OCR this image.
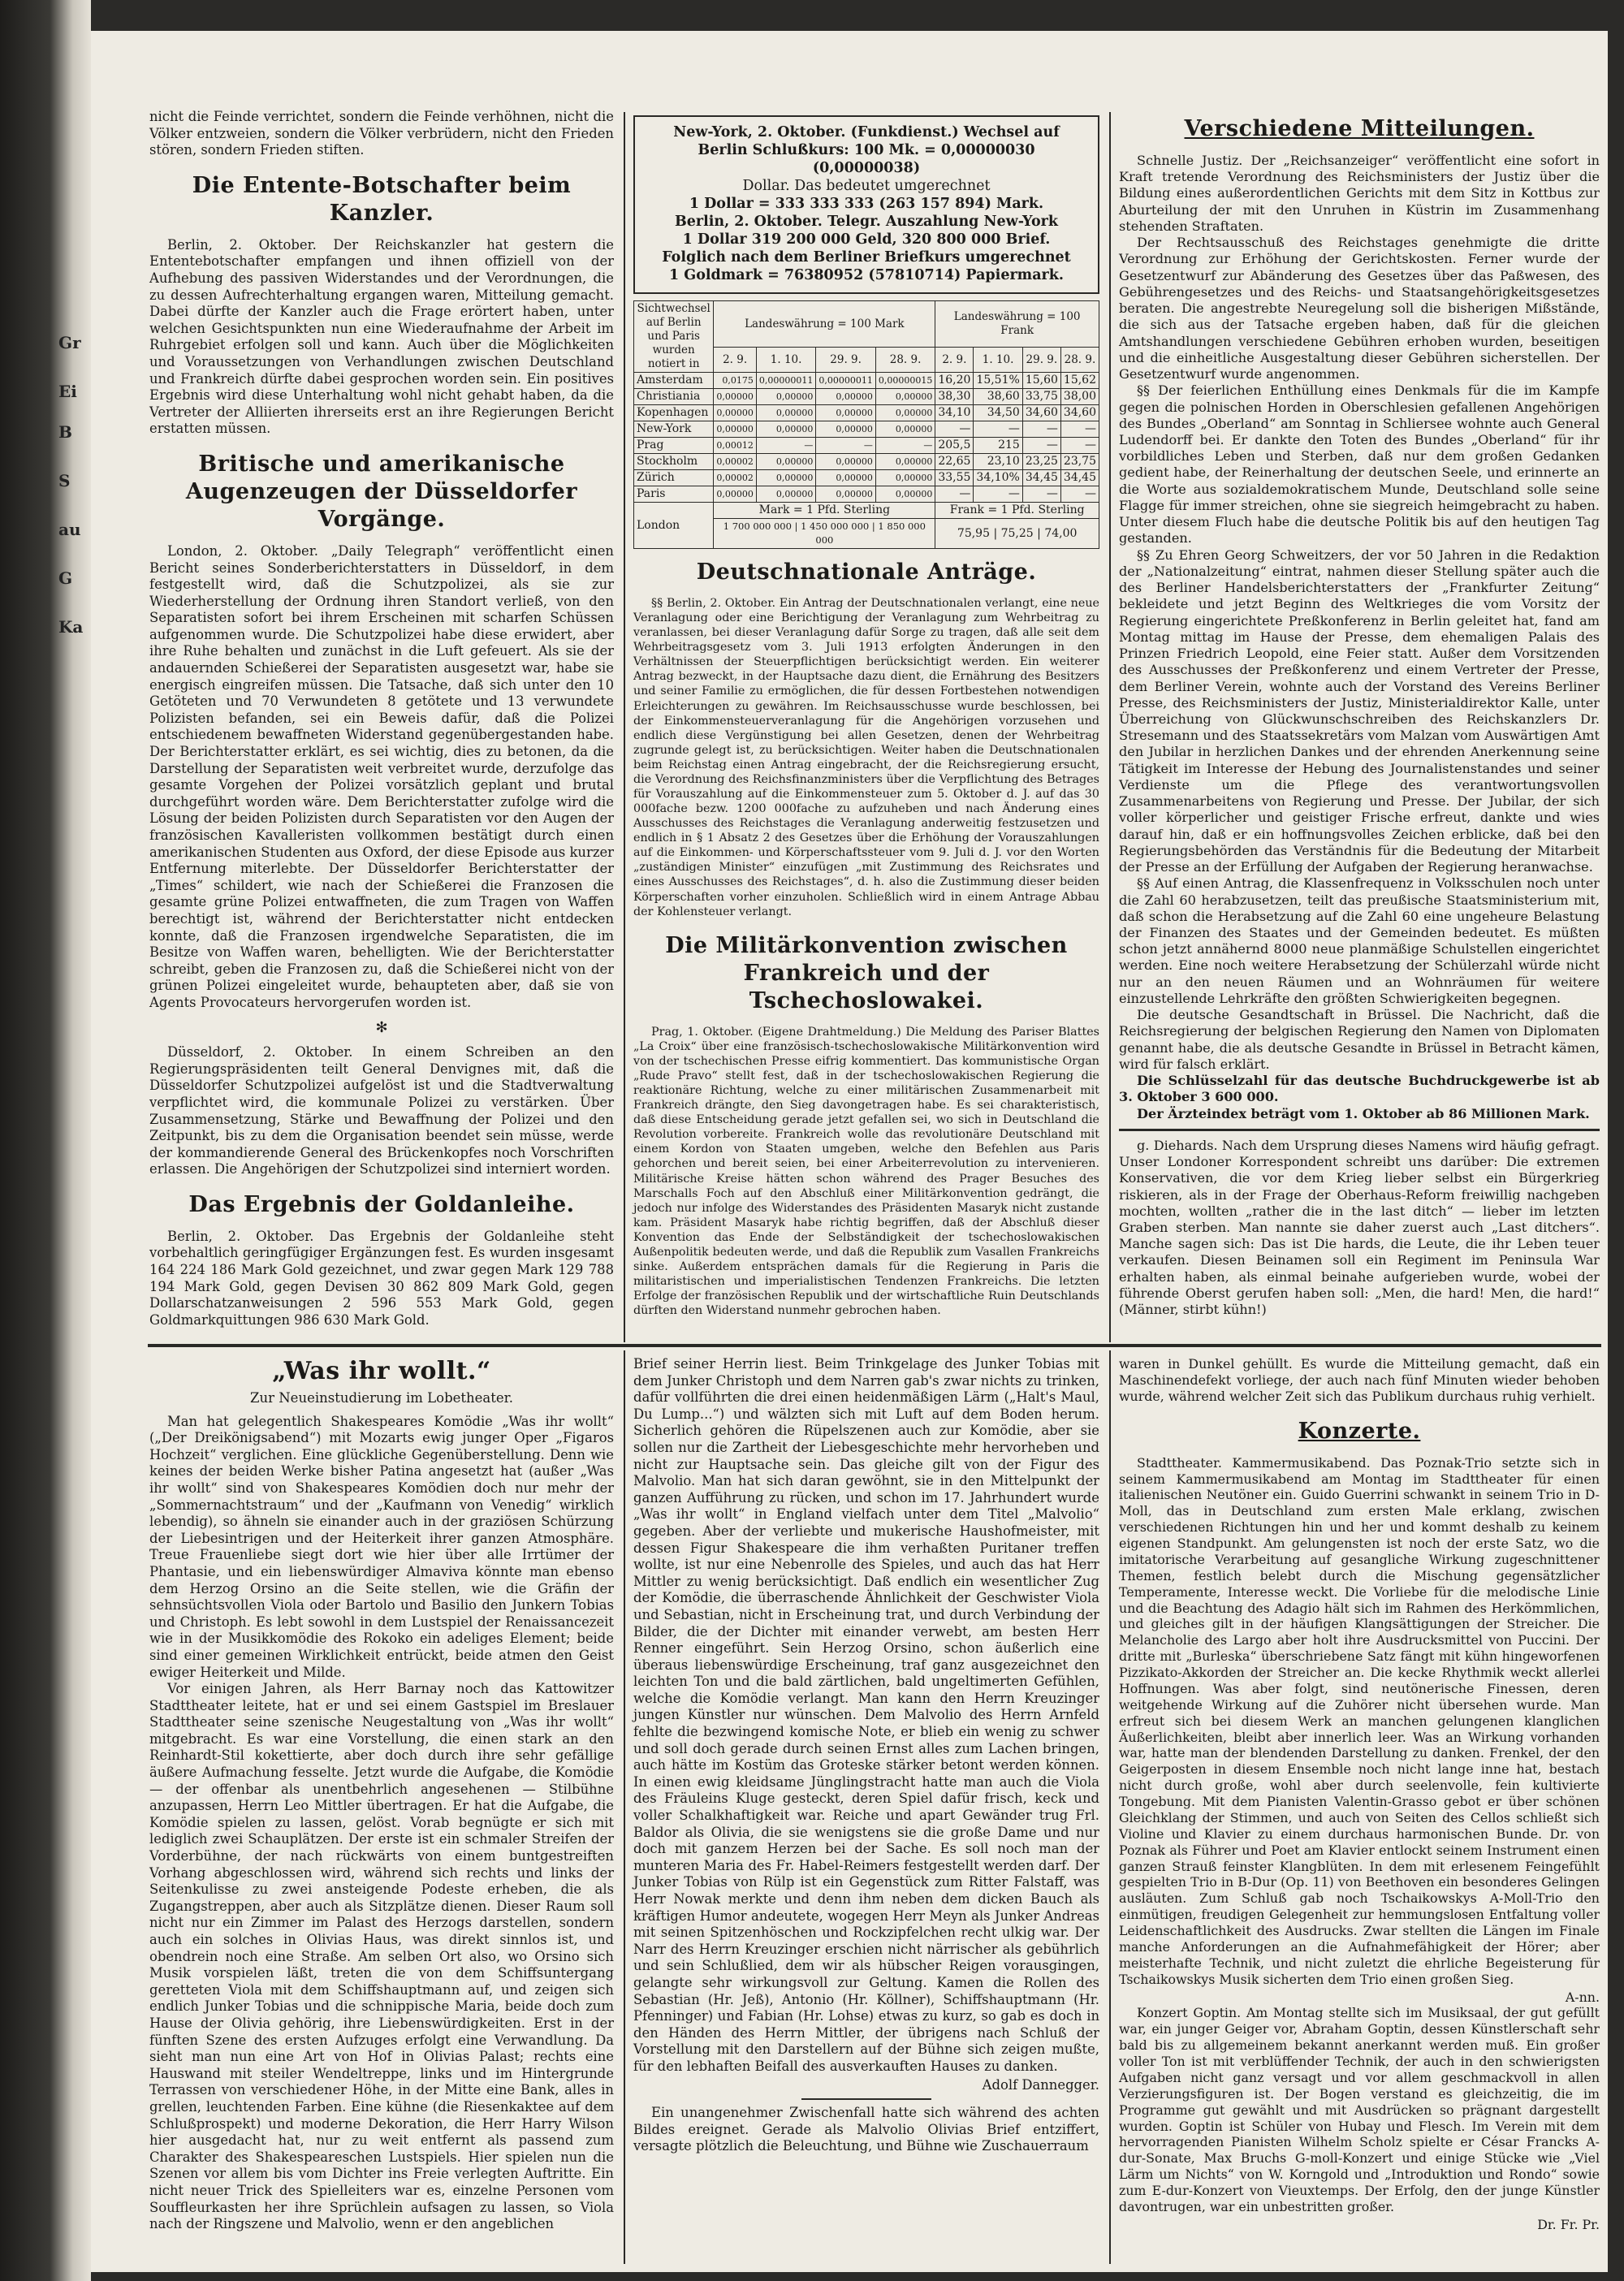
Gr
Ei
B
S
au
G
Ka

nicht die Feinde verrichtet, sondern die Feinde verhöhnen, nicht die Völker entzweien, sondern die Völker verbrüdern, nicht den Frieden stören, sondern Frieden stiften.

Die Entente-Botschafter beim Kanzler.

Berlin, 2. Oktober. Der Reichskanzler hat gestern die Ententebotschafter empfangen und ihnen offiziell von der Aufhebung des passiven Widerstandes und der Verordnungen, die zu dessen Aufrechterhaltung ergangen waren, Mitteilung gemacht. Dabei dürfte der Kanzler auch die Frage erörtert haben, unter welchen Gesichtspunkten nun eine Wiederaufnahme der Arbeit im Ruhrgebiet erfolgen soll und kann. Auch über die Möglichkeiten und Voraussetzungen von Verhandlungen zwischen Deutschland und Frankreich dürfte dabei gesprochen worden sein. Ein positives Ergebnis wird diese Unterhaltung wohl nicht gehabt haben, da die Vertreter der Alliierten ihrerseits erst an ihre Regierungen Bericht erstatten müssen.

Britische und amerikanische Augenzeugen der Düsseldorfer Vorgänge.

London, 2. Oktober. „Daily Telegraph“ veröffentlicht einen Bericht seines Sonderberichterstatters in Düsseldorf, in dem festgestellt wird, daß die Schutzpolizei, als sie zur Wiederherstellung der Ordnung ihren Standort verließ, von den Separatisten sofort bei ihrem Erscheinen mit scharfen Schüssen aufgenommen wurde. Die Schutzpolizei habe diese erwidert, aber ihre Ruhe behalten und zunächst in die Luft gefeuert. Als sie der andauernden Schießerei der Separatisten ausgesetzt war, habe sie energisch eingreifen müssen. Die Tatsache, daß sich unter den 10 Getöteten und 70 Verwundeten 8 getötete und 13 verwundete Polizisten befanden, sei ein Beweis dafür, daß die Polizei entschiedenem bewaffneten Widerstand gegenübergestanden habe. Der Berichterstatter erklärt, es sei wichtig, dies zu betonen, da die Darstellung der Separatisten weit verbreitet wurde, derzufolge das gesamte Vorgehen der Polizei vorsätzlich geplant und brutal durchgeführt worden wäre. Dem Berichterstatter zufolge wird die Lösung der beiden Polizisten durch Separatisten vor den Augen der französischen Kavalleristen vollkommen bestätigt durch einen amerikanischen Studenten aus Oxford, der diese Episode aus kurzer Entfernung miterlebte. Der Düsseldorfer Berichterstatter der „Times“ schildert, wie nach der Schießerei die Franzosen die gesamte grüne Polizei entwaffneten, die zum Tragen von Waffen berechtigt ist, während der Berichterstatter nicht entdecken konnte, daß die Franzosen irgendwelche Separatisten, die im Besitze von Waffen waren, behelligten. Wie der Berichterstatter schreibt, geben die Franzosen zu, daß die Schießerei nicht von der grünen Polizei eingeleitet wurde, behaupteten aber, daß sie von Agents Provocateurs hervorgerufen worden ist.

✻

Düsseldorf, 2. Oktober. In einem Schreiben an den Regierungspräsidenten teilt General Denvignes mit, daß die Düsseldorfer Schutzpolizei aufgelöst ist und die Stadtverwaltung verpflichtet wird, die kommunale Polizei zu verstärken. Über Zusammensetzung, Stärke und Bewaffnung der Polizei und den Zeitpunkt, bis zu dem die Organisation beendet sein müsse, werde der kommandierende General des Brückenkopfes noch Vorschriften erlassen. Die Angehörigen der Schutzpolizei sind interniert worden.

Das Ergebnis der Goldanleihe.

Berlin, 2. Oktober. Das Ergebnis der Goldanleihe steht vorbehaltlich geringfügiger Ergänzungen fest. Es wurden insgesamt 164 224 186 Mark Gold gezeichnet, und zwar gegen Mark 129 788 194 Mark Gold, gegen Devisen 30 862 809 Mark Gold, gegen Dollarschatzanweisungen 2 596 553 Mark Gold, gegen Goldmarkquittungen 986 630 Mark Gold.

New-York, 2. Oktober. (Funkdienst.) Wechsel auf
Berlin Schlußkurs: 100 Mk. = 0,00000030 (0,00000038)
Dollar. Das bedeutet umgerechnet
1 Dollar = 333 333 333 (263 157 894) Mark.
Berlin, 2. Oktober. Telegr. Auszahlung New-York
1 Dollar 319 200 000 Geld, 320 800 000 Brief.
Folglich nach dem Berliner Briefkurs umgerechnet
1 Goldmark = 76380952 (57810714) Papiermark.
Sichtwechsel auf Berlin und Paris wurden notiert in	Landeswährung = 100 Mark				Landeswährung = 100 Frank			
	2. 9.	1. 10.	29. 9.	28. 9.	2. 9.	1. 10.	29. 9.	28. 9.
Amsterdam	0,0175	0,00000011	0,00000011	0,00000015	16,20	15,51%	15,60	15,62
Christiania	0,00000	0,00000	0,00000	0,00000	38,30	38,60	33,75	38,00
Kopenhagen	0,00000	0,00000	0,00000	0,00000	34,10	34,50	34,60	34,60
New-York	0,00000	0,00000	0,00000	0,00000	—	—	—	—
Prag	0,00012	—	—	—	205,5	215	—	—
Stockholm	0,00002	0,00000	0,00000	0,00000	22,65	23,10	23,25	23,75
Zürich	0,00002	0,00000	0,00000	0,00000	33,55	34,10%	34,45	34,45
Paris	0,00000	0,00000	0,00000	0,00000	—	—	—	—
London	Mark = 1 Pfd. Sterling				Frank = 1 Pfd. Sterling			
	1 700 000 000 | 1 450 000 000 | 1 850 000 000				75,95 | 75,25 | 74,00			
Deutschnationale Anträge.

§§ Berlin, 2. Oktober. Ein Antrag der Deutschnationalen verlangt, eine neue Veranlagung oder eine Berichtigung der Veranlagung zum Wehrbeitrag zu veranlassen, bei dieser Veranlagung dafür Sorge zu tragen, daß alle seit dem Wehrbeitragsgesetz vom 3. Juli 1913 erfolgten Änderungen in den Verhältnissen der Steuerpflichtigen berücksichtigt werden. Ein weiterer Antrag bezweckt, in der Hauptsache dazu dient, die Ernährung des Besitzers und seiner Familie zu ermöglichen, die für dessen Fortbestehen notwendigen Erleichterungen zu gewähren. Im Reichsausschusse wurde beschlossen, bei der Einkommensteuerveranlagung für die Angehörigen vorzusehen und endlich diese Vergünstigung bei allen Gesetzen, denen der Wehrbeitrag zugrunde gelegt ist, zu berücksichtigen. Weiter haben die Deutschnationalen beim Reichstag einen Antrag eingebracht, der die Reichsregierung ersucht, die Verordnung des Reichsfinanzministers über die Verpflichtung des Betrages für Vorauszahlung auf die Einkommensteuer zum 5. Oktober d. J. auf das 30 000fache bezw. 1200 000fache zu aufzuheben und nach Änderung eines Ausschusses des Reichstages die Veranlagung anderweitig festzusetzen und endlich in § 1 Absatz 2 des Gesetzes über die Erhöhung der Vorauszahlungen auf die Einkommen- und Körperschaftssteuer vom 9. Juli d. J. vor den Worten „zuständigen Minister“ einzufügen „mit Zustimmung des Reichsrates und eines Ausschusses des Reichstages“, d. h. also die Zustimmung dieser beiden Körperschaften vorher einzuholen. Schließlich wird in einem Antrage Abbau der Kohlensteuer verlangt.

Die Militärkonvention zwischen Frankreich und der Tschechoslowakei.

Prag, 1. Oktober. (Eigene Drahtmeldung.) Die Meldung des Pariser Blattes „La Croix“ über eine französisch-tschechoslowakische Militärkonvention wird von der tschechischen Presse eifrig kommentiert. Das kommunistische Organ „Rude Pravo“ stellt fest, daß in der tschechoslowakischen Regierung die reaktionäre Richtung, welche zu einer militärischen Zusammenarbeit mit Frankreich drängte, den Sieg davongetragen habe. Es sei charakteristisch, daß diese Entscheidung gerade jetzt gefallen sei, wo sich in Deutschland die Revolution vorbereite. Frankreich wolle das revolutionäre Deutschland mit einem Kordon von Staaten umgeben, welche den Befehlen aus Paris gehorchen und bereit seien, bei einer Arbeiterrevolution zu intervenieren. Militärische Kreise hätten schon während des Prager Besuches des Marschalls Foch auf den Abschluß einer Militärkonvention gedrängt, die jedoch nur infolge des Widerstandes des Präsidenten Masaryk nicht zustande kam. Präsident Masaryk habe richtig begriffen, daß der Abschluß dieser Konvention das Ende der Selbständigkeit der tschechoslowakischen Außenpolitik bedeuten werde, und daß die Republik zum Vasallen Frankreichs sinke. Außerdem entsprächen damals für die Regierung in Paris die militaristischen und imperialistischen Tendenzen Frankreichs. Die letzten Erfolge der französischen Republik und der wirtschaftliche Ruin Deutschlands dürften den Widerstand nunmehr gebrochen haben.

Verschiedene Mitteilungen.

Schnelle Justiz. Der „Reichsanzeiger“ veröffentlicht eine sofort in Kraft tretende Verordnung des Reichsministers der Justiz über die Bildung eines außerordentlichen Gerichts mit dem Sitz in Kottbus zur Aburteilung der mit den Unruhen in Küstrin im Zusammenhang stehenden Straftaten.

Der Rechtsausschuß des Reichstages genehmigte die dritte Verordnung zur Erhöhung der Gerichtskosten. Ferner wurde der Gesetzentwurf zur Abänderung des Gesetzes über das Paßwesen, des Gebührengesetzes und des Reichs- und Staatsangehörigkeitsgesetzes beraten. Die angestrebte Neuregelung soll die bisherigen Mißstände, die sich aus der Tatsache ergeben haben, daß für die gleichen Amtshandlungen verschiedene Gebühren erhoben wurden, beseitigen und die einheitliche Ausgestaltung dieser Gebühren sicherstellen. Der Gesetzentwurf wurde angenommen.

§§ Der feierlichen Enthüllung eines Denkmals für die im Kampfe gegen die polnischen Horden in Oberschlesien gefallenen Angehörigen des Bundes „Oberland“ am Sonntag in Schliersee wohnte auch General Ludendorff bei. Er dankte den Toten des Bundes „Oberland“ für ihr vorbildliches Leben und Sterben, daß nur dem großen Gedanken gedient habe, der Reinerhaltung der deutschen Seele, und erinnerte an die Worte aus sozialdemokratischem Munde, Deutschland solle seine Flagge für immer streichen, ohne sie siegreich heimgebracht zu haben. Unter diesem Fluch habe die deutsche Politik bis auf den heutigen Tag gestanden.

§§ Zu Ehren Georg Schweitzers, der vor 50 Jahren in die Redaktion der „Nationalzeitung“ eintrat, nahmen dieser Stellung später auch die des Berliner Handelsberichterstatters der „Frankfurter Zeitung“ bekleidete und jetzt Beginn des Weltkrieges die vom Vorsitz der Regierung eingerichtete Preßkonferenz in Berlin geleitet hat, fand am Montag mittag im Hause der Presse, dem ehemaligen Palais des Prinzen Friedrich Leopold, eine Feier statt. Außer dem Vorsitzenden des Ausschusses der Preßkonferenz und einem Vertreter der Presse, dem Berliner Verein, wohnte auch der Vorstand des Vereins Berliner Presse, des Reichsministers der Justiz, Ministerialdirektor Kalle, unter Überreichung von Glückwunschschreiben des Reichskanzlers Dr. Stresemann und des Staatssekretärs vom Malzan vom Auswärtigen Amt den Jubilar in herzlichen Dankes und der ehrenden Anerkennung seine Tätigkeit im Interesse der Hebung des Journalistenstandes und seiner Verdienste um die Pflege des verantwortungsvollen Zusammenarbeitens von Regierung und Presse. Der Jubilar, der sich voller körperlicher und geistiger Frische erfreut, dankte und wies darauf hin, daß er ein hoffnungsvolles Zeichen erblicke, daß bei den Regierungsbehörden das Verständnis für die Bedeutung der Mitarbeit der Presse an der Erfüllung der Aufgaben der Regierung heranwachse.

§§ Auf einen Antrag, die Klassenfrequenz in Volksschulen noch unter die Zahl 60 herabzusetzen, teilt das preußische Staatsministerium mit, daß schon die Herabsetzung auf die Zahl 60 eine ungeheure Belastung der Finanzen des Staates und der Gemeinden bedeutet. Es müßten schon jetzt annähernd 8000 neue planmäßige Schulstellen eingerichtet werden. Eine noch weitere Herabsetzung der Schülerzahl würde nicht nur an den neuen Räumen und an Wohnräumen für weitere einzustellende Lehrkräfte den größten Schwierigkeiten begegnen.

Die deutsche Gesandtschaft in Brüssel. Die Nachricht, daß die Reichsregierung der belgischen Regierung den Namen von Diplomaten genannt habe, die als deutsche Gesandte in Brüssel in Betracht kämen, wird für falsch erklärt.

Die Schlüsselzahl für das deutsche Buchdruckgewerbe ist ab 3. Oktober 3 600 000.

Der Ärzteindex beträgt vom 1. Oktober ab 86 Millionen Mark.

g. Diehards. Nach dem Ursprung dieses Namens wird häufig gefragt. Unser Londoner Korrespondent schreibt uns darüber: Die extremen Konservativen, die vor dem Krieg lieber selbst ein Bürgerkrieg riskieren, als in der Frage der Oberhaus-Reform freiwillig nachgeben mochten, wollten „rather die in the last ditch“ — lieber im letzten Graben sterben. Man nannte sie daher zuerst auch „Last ditchers“. Manche sagen sich: Das ist Die hards, die Leute, die ihr Leben teuer verkaufen. Diesen Beinamen soll ein Regiment im Peninsula War erhalten haben, als einmal beinahe aufgerieben wurde, wobei der führende Oberst gerufen haben soll: „Men, die hard! Men, die hard!“ (Männer, stirbt kühn!)

„Was ihr wollt.“
Zur Neueinstudierung im Lobetheater.

Man hat gelegentlich Shakespeares Komödie „Was ihr wollt“ („Der Dreikönigsabend“) mit Mozarts ewig junger Oper „Figaros Hochzeit“ verglichen. Eine glückliche Gegenüberstellung. Denn wie keines der beiden Werke bisher Patina angesetzt hat (außer „Was ihr wollt“ sind von Shakespeares Komödien doch nur mehr der „Sommernachtstraum“ und der „Kaufmann von Venedig“ wirklich lebendig), so ähneln sie einander auch in der graziösen Schürzung der Liebesintrigen und der Heiterkeit ihrer ganzen Atmosphäre. Treue Frauenliebe siegt dort wie hier über alle Irrtümer der Phantasie, und ein liebenswürdiger Almaviva könnte man ebenso dem Herzog Orsino an die Seite stellen, wie die Gräfin der sehnsüchtsvollen Viola oder Bartolo und Basilio den Junkern Tobias und Christoph. Es lebt sowohl in dem Lustspiel der Renaissancezeit wie in der Musikkomödie des Rokoko ein adeliges Element; beide sind einer gemeinen Wirklichkeit entrückt, beide atmen den Geist ewiger Heiterkeit und Milde.

Vor einigen Jahren, als Herr Barnay noch das Kattowitzer Stadttheater leitete, hat er und sei einem Gastspiel im Breslauer Stadttheater seine szenische Neugestaltung von „Was ihr wollt“ mitgebracht. Es war eine Vorstellung, die einen stark an den Reinhardt-Stil kokettierte, aber doch durch ihre sehr gefällige äußere Aufmachung fesselte. Jetzt wurde die Aufgabe, die Komödie — der offenbar als unentbehrlich angesehenen — Stilbühne anzupassen, Herrn Leo Mittler übertragen. Er hat die Aufgabe, die Komödie spielen zu lassen, gelöst. Vorab begnügte er sich mit lediglich zwei Schauplätzen. Der erste ist ein schmaler Streifen der Vorderbühne, der nach rückwärts von einem buntgestreiften Vorhang abgeschlossen wird, während sich rechts und links der Seitenkulisse zu zwei ansteigende Podeste erheben, die als Zugangstreppen, aber auch als Sitzplätze dienen. Dieser Raum soll nicht nur ein Zimmer im Palast des Herzogs darstellen, sondern auch ein solches in Olivias Haus, was direkt sinnlos ist, und obendrein noch eine Straße. Am selben Ort also, wo Orsino sich Musik vorspielen läßt, treten die von dem Schiffsuntergang geretteten Viola mit dem Schiffshauptmann auf, und zeigen sich endlich Junker Tobias und die schnippische Maria, beide doch zum Hause der Olivia gehörig, ihre Liebenswürdigkeiten. Erst in der fünften Szene des ersten Aufzuges erfolgt eine Verwandlung. Da sieht man nun eine Art von Hof in Olivias Palast; rechts eine Hauswand mit steiler Wendeltreppe, links und im Hintergrunde Terrassen von verschiedener Höhe, in der Mitte eine Bank, alles in grellen, leuchtenden Farben. Eine kühne (die Riesenkaktee auf dem Schlußprospekt) und moderne Dekoration, die Herr Harry Wilson hier ausgedacht hat, nur zu weit entfernt als passend zum Charakter des Shakespeareschen Lustspiels. Hier spielen nun die Szenen vor allem bis vom Dichter ins Freie verlegten Auftritte. Ein nicht neuer Trick des Spielleiters war es, einzelne Personen vom Souffleurkasten her ihre Sprüchlein aufsagen zu lassen, so Viola nach der Ringszene und Malvolio, wenn er den angeblichen

Brief seiner Herrin liest. Beim Trinkgelage des Junker Tobias mit dem Junker Christoph und dem Narren gab's zwar nichts zu trinken, dafür vollführten die drei einen heidenmäßigen Lärm („Halt's Maul, Du Lump...“) und wälzten sich mit Luft auf dem Boden herum. Sicherlich gehören die Rüpelszenen auch zur Komödie, aber sie sollen nur die Zartheit der Liebesgeschichte mehr hervorheben und nicht zur Hauptsache sein. Das gleiche gilt von der Figur des Malvolio. Man hat sich daran gewöhnt, sie in den Mittelpunkt der ganzen Aufführung zu rücken, und schon im 17. Jahrhundert wurde „Was ihr wollt“ in England vielfach unter dem Titel „Malvolio“ gegeben. Aber der verliebte und mukerische Haushofmeister, mit dessen Figur Shakespeare die ihm verhaßten Puritaner treffen wollte, ist nur eine Nebenrolle des Spieles, und auch das hat Herr Mittler zu wenig berücksichtigt. Daß endlich ein wesentlicher Zug der Komödie, die überraschende Ähnlichkeit der Geschwister Viola und Sebastian, nicht in Erscheinung trat, und durch Verbindung der Bilder, die der Dichter mit einander verwebt, am besten Herr Renner eingeführt. Sein Herzog Orsino, schon äußerlich eine überaus liebenswürdige Erscheinung, traf ganz ausgezeichnet den leichten Ton und die bald zärtlichen, bald ungeltimerten Gefühlen, welche die Komödie verlangt. Man kann den Herrn Kreuzinger jungen Künstler nur wünschen. Dem Malvolio des Herrn Arnfeld fehlte die bezwingend komische Note, er blieb ein wenig zu schwer und soll doch gerade durch seinen Ernst alles zum Lachen bringen, auch hätte im Kostüm das Groteske stärker betont werden können. In einen ewig kleidsame Jünglingstracht hatte man auch die Viola des Fräuleins Kluge gesteckt, deren Spiel dafür frisch, keck und voller Schalkhaftigkeit war. Reiche und apart Gewänder trug Frl. Baldor als Olivia, die sie wenigstens sie die große Dame und nur doch mit ganzem Herzen bei der Sache. Es soll noch man der munteren Maria des Fr. Habel-Reimers festgestellt werden darf. Der Junker Tobias von Rülp ist ein Gegenstück zum Ritter Falstaff, was Herr Nowak merkte und denn ihm neben dem dicken Bauch als kräftigen Humor andeutete, wogegen Herr Meyn als Junker Andreas mit seinen Spitzenhöschen und Rockzipfelchen recht ulkig war. Der Narr des Herrn Kreuzinger erschien nicht närrischer als gebührlich und sein Schlußlied, dem wir als hübscher Reigen vorausgingen, gelangte sehr wirkungsvoll zur Geltung. Kamen die Rollen des Sebastian (Hr. Jeß), Antonio (Hr. Köllner), Schiffshauptmann (Hr. Pfenninger) und Fabian (Hr. Lohse) etwas zu kurz, so gab es doch in den Händen des Herrn Mittler, der übrigens nach Schluß der Vorstellung mit den Darstellern auf der Bühne sich zeigen mußte, für den lebhaften Beifall des ausverkauften Hauses zu danken.

Adolf Dannegger.

Ein unangenehmer Zwischenfall hatte sich während des achten Bildes ereignet. Gerade als Malvolio Olivias Brief entziffert, versagte plötzlich die Beleuchtung, und Bühne wie Zuschauerraum

waren in Dunkel gehüllt. Es wurde die Mitteilung gemacht, daß ein Maschinendefekt vorliege, der auch nach fünf Minuten wieder behoben wurde, während welcher Zeit sich das Publikum durchaus ruhig verhielt.

Konzerte.

Stadttheater. Kammermusikabend. Das Poznak-Trio setzte sich in seinem Kammermusikabend am Montag im Stadttheater für einen italienischen Neutöner ein. Guido Guerrini schwankt in seinem Trio in D-Moll, das in Deutschland zum ersten Male erklang, zwischen verschiedenen Richtungen hin und her und kommt deshalb zu keinem eigenen Standpunkt. Am gelungensten ist noch der erste Satz, wo die imitatorische Verarbeitung auf gesangliche Wirkung zugeschnittener Themen, festlich belebt durch die Mischung gegensätzlicher Temperamente, Interesse weckt. Die Vorliebe für die melodische Linie und die Beachtung des Adagio hält sich im Rahmen des Herkömmlichen, und gleiches gilt in der häufigen Klangsättigungen der Streicher. Die Melancholie des Largo aber holt ihre Ausdrucksmittel von Puccini. Der dritte mit „Burleska“ überschriebene Satz fängt mit kühn hingeworfenen Pizzikato-Akkorden der Streicher an. Die kecke Rhythmik weckt allerlei Hoffnungen. Was aber folgt, sind neutönerische Finessen, deren weitgehende Wirkung auf die Zuhörer nicht übersehen wurde. Man erfreut sich bei diesem Werk an manchen gelungenen klanglichen Äußerlichkeiten, bleibt aber innerlich leer. Was an Wirkung vorhanden war, hatte man der blendenden Darstellung zu danken. Frenkel, der den Geigerposten in diesem Ensemble noch nicht lange inne hat, bestach nicht durch große, wohl aber durch seelenvolle, fein kultivierte Tongebung. Mit dem Pianisten Valentin-Grasso gebot er über schönen Gleichklang der Stimmen, und auch von Seiten des Cellos schließt sich Violine und Klavier zu einem durchaus harmonischen Bunde. Dr. von Poznak als Führer und Poet am Klavier entlockt seinem Instrument einen ganzen Strauß feinster Klangblüten. In dem mit erlesenem Feingefühlt gespielten Trio in B-Dur (Op. 11) von Beethoven ein besonderes Gelingen ausläuten. Zum Schluß gab noch Tschaikowskys A-Moll-Trio den einmütigen, freudigen Gelegenheit zur hemmungslosen Entfaltung voller Leidenschaftlichkeit des Ausdrucks. Zwar stellten die Längen im Finale manche Anforderungen an die Aufnahmefähigkeit der Hörer; aber meisterhafte Technik, und nicht zuletzt die ehrliche Begeisterung für Tschaikowskys Musik sicherten dem Trio einen großen Sieg.

A-nn.

Konzert Goptin. Am Montag stellte sich im Musiksaal, der gut gefüllt war, ein junger Geiger vor, Abraham Goptin, dessen Künstlerschaft sehr bald bis zu allgemeinem bekannt anerkannt werden muß. Ein großer voller Ton ist mit verblüffender Technik, der auch in den schwierigsten Aufgaben nicht ganz versagt und vor allem geschmackvoll in allen Verzierungsfiguren ist. Der Bogen verstand es gleichzeitig, die im Programme gut gewählt und mit Ausdrücken so prägnant dargestellt wurden. Goptin ist Schüler von Hubay und Flesch. Im Verein mit dem hervorragenden Pianisten Wilhelm Scholz spielte er César Francks A-dur-Sonate, Max Bruchs G-moll-Konzert und einige Stücke wie „Viel Lärm um Nichts“ von W. Korngold und „Introduktion und Rondo“ sowie zum E-dur-Konzert von Vieuxtemps. Der Erfolg, den der junge Künstler davontrugen, war ein unbestritten großer.

Dr. Fr. Pr.
